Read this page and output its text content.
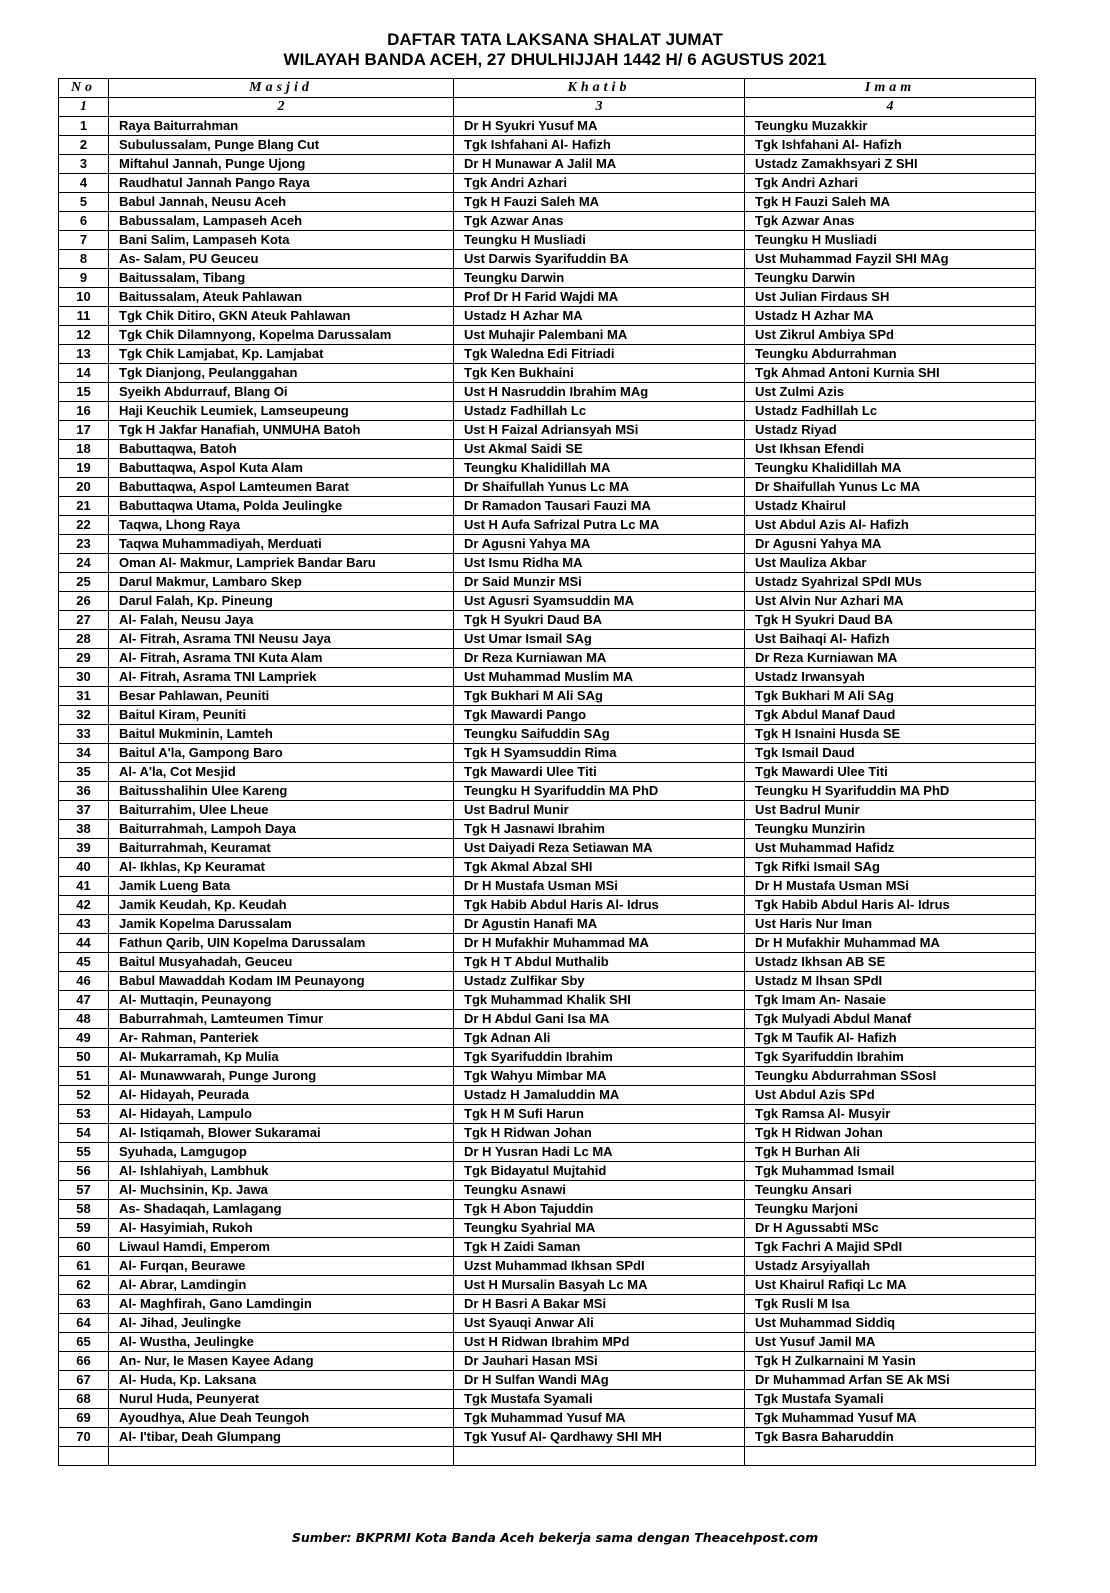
DAFTAR TATA LAKSANA SHALAT JUMAT
WILAYAH BANDA ACEH, 27 DHULHIJJAH 1442 H/ 6 AGUSTUS 2021
No	Masjid	Khatib	Imam
1	2	3	4
1	Raya Baiturrahman	Dr H Syukri Yusuf MA	Teungku Muzakkir
2	Subulussalam, Punge Blang Cut	Tgk Ishfahani Al- Hafizh	Tgk Ishfahani Al- Hafizh
3	Miftahul Jannah, Punge Ujong	Dr H Munawar A Jalil MA	Ustadz Zamakhsyari Z SHI
4	Raudhatul Jannah Pango Raya	Tgk Andri Azhari	Tgk Andri Azhari
5	Babul Jannah, Neusu Aceh	Tgk H Fauzi Saleh MA	Tgk H Fauzi Saleh MA
6	Babussalam, Lampaseh Aceh	Tgk Azwar Anas	Tgk Azwar Anas
7	Bani Salim, Lampaseh Kota	Teungku H Musliadi	Teungku H Musliadi
8	As- Salam, PU Geuceu	Ust Darwis Syarifuddin BA	Ust Muhammad Fayzil SHI MAg
9	Baitussalam, Tibang	Teungku Darwin	Teungku Darwin
10	Baitussalam, Ateuk Pahlawan	Prof Dr H Farid Wajdi MA	Ust Julian Firdaus SH
11	Tgk Chik Ditiro, GKN Ateuk Pahlawan	Ustadz H Azhar MA	Ustadz H Azhar MA
12	Tgk Chik Dilamnyong, Kopelma Darussalam	Ust Muhajir Palembani MA	Ust Zikrul Ambiya SPd
13	Tgk Chik Lamjabat, Kp. Lamjabat	Tgk Waledna Edi Fitriadi	Teungku Abdurrahman
14	Tgk Dianjong, Peulanggahan	Tgk Ken Bukhaini	Tgk Ahmad Antoni Kurnia SHI
15	Syeikh Abdurrauf, Blang Oi	Ust H Nasruddin Ibrahim MAg	Ust Zulmi Azis
16	Haji Keuchik Leumiek, Lamseupeung	Ustadz Fadhillah Lc	Ustadz Fadhillah Lc
17	Tgk H Jakfar Hanafiah, UNMUHA Batoh	Ust H Faizal Adriansyah MSi	Ustadz Riyad
18	Babuttaqwa, Batoh	Ust Akmal Saidi SE	Ust Ikhsan Efendi
19	Babuttaqwa, Aspol Kuta Alam	Teungku Khalidillah MA	Teungku Khalidillah MA
20	Babuttaqwa, Aspol Lamteumen Barat	Dr Shaifullah Yunus Lc MA	Dr Shaifullah Yunus Lc MA
21	Babuttaqwa Utama, Polda Jeulingke	Dr Ramadon Tausari Fauzi MA	Ustadz Khairul
22	Taqwa, Lhong Raya	Ust H Aufa Safrizal Putra Lc MA	Ust Abdul Azis Al- Hafizh
23	Taqwa Muhammadiyah, Merduati	Dr Agusni Yahya MA	Dr Agusni Yahya MA
24	Oman Al- Makmur, Lampriek Bandar Baru	Ust Ismu Ridha MA	Ust Mauliza Akbar
25	Darul Makmur, Lambaro Skep	Dr Said Munzir MSi	Ustadz Syahrizal SPdI MUs
26	Darul Falah, Kp. Pineung	Ust Agusri Syamsuddin MA	Ust Alvin Nur Azhari MA
27	Al- Falah, Neusu Jaya	Tgk H Syukri Daud BA	Tgk H Syukri Daud BA
28	Al- Fitrah, Asrama TNI Neusu Jaya	Ust Umar Ismail SAg	Ust Baihaqi Al- Hafizh
29	Al- Fitrah, Asrama TNI Kuta Alam	Dr Reza Kurniawan MA	Dr Reza Kurniawan MA
30	Al- Fitrah, Asrama TNI Lampriek	Ust Muhammad Muslim MA	Ustadz Irwansyah
31	Besar Pahlawan, Peuniti	Tgk Bukhari M Ali SAg	Tgk Bukhari M Ali SAg
32	Baitul Kiram, Peuniti	Tgk Mawardi Pango	Tgk Abdul Manaf Daud
33	Baitul Mukminin, Lamteh	Teungku Saifuddin SAg	Tgk H Isnaini Husda SE
34	Baitul A'la, Gampong Baro	Tgk H Syamsuddin Rima	Tgk Ismail Daud
35	Al- A'la, Cot Mesjid	Tgk Mawardi Ulee Titi	Tgk Mawardi Ulee Titi
36	Baitusshalihin Ulee Kareng	Teungku H Syarifuddin MA PhD	Teungku H Syarifuddin MA PhD
37	Baiturrahim, Ulee Lheue	Ust Badrul Munir	Ust Badrul Munir
38	Baiturrahmah, Lampoh Daya	Tgk H Jasnawi Ibrahim	Teungku Munzirin
39	Baiturrahmah, Keuramat	Ust Daiyadi Reza Setiawan MA	Ust Muhammad Hafidz
40	Al- Ikhlas, Kp Keuramat	Tgk Akmal Abzal SHI	Tgk Rifki Ismail SAg
41	Jamik Lueng Bata	Dr H Mustafa Usman MSi	Dr H Mustafa Usman MSi
42	Jamik Keudah, Kp. Keudah	Tgk Habib Abdul Haris Al- Idrus	Tgk Habib Abdul Haris Al- Idrus
43	Jamik Kopelma Darussalam	Dr Agustin Hanafi MA	Ust Haris Nur Iman
44	Fathun Qarib, UIN Kopelma Darussalam	Dr H Mufakhir Muhammad MA	Dr H Mufakhir Muhammad MA
45	Baitul Musyahadah, Geuceu	Tgk H T Abdul Muthalib	Ustadz Ikhsan AB SE
46	Babul Mawaddah Kodam IM Peunayong	Ustadz Zulfikar Sby	Ustadz M Ihsan SPdI
47	Al- Muttaqin, Peunayong	Tgk Muhammad Khalik SHI	Tgk Imam An- Nasaie
48	Baburrahmah, Lamteumen Timur	Dr H Abdul Gani Isa MA	Tgk Mulyadi Abdul Manaf
49	Ar- Rahman, Panteriek	Tgk Adnan Ali	Tgk M Taufik Al- Hafizh
50	Al- Mukarramah, Kp Mulia	Tgk Syarifuddin Ibrahim	Tgk Syarifuddin Ibrahim
51	Al- Munawwarah, Punge Jurong	Tgk Wahyu Mimbar MA	Teungku Abdurrahman SSosI
52	Al- Hidayah, Peurada	Ustadz H Jamaluddin MA	Ust Abdul Azis SPd
53	Al- Hidayah, Lampulo	Tgk H M Sufi Harun	Tgk Ramsa Al- Musyir
54	Al- Istiqamah, Blower Sukaramai	Tgk H Ridwan Johan	Tgk H Ridwan Johan
55	Syuhada, Lamgugop	Dr H Yusran Hadi Lc MA	Tgk H Burhan Ali
56	Al- Ishlahiyah, Lambhuk	Tgk Bidayatul Mujtahid	Tgk Muhammad Ismail
57	Al- Muchsinin, Kp. Jawa	Teungku Asnawi	Teungku Ansari
58	As- Shadaqah, Lamlagang	Tgk H Abon Tajuddin	Teungku Marjoni
59	Al- Hasyimiah, Rukoh	Teungku Syahrial MA	Dr H Agussabti MSc
60	Liwaul Hamdi, Emperom	Tgk H Zaidi Saman	Tgk Fachri A Majid SPdI
61	Al- Furqan, Beurawe	Uzst Muhammad Ikhsan SPdI	Ustadz Arsyiyallah
62	Al- Abrar, Lamdingin	Ust H Mursalin Basyah Lc MA	Ust Khairul Rafiqi Lc MA
63	Al- Maghfirah, Gano Lamdingin	Dr H Basri A Bakar MSi	Tgk Rusli M Isa
64	Al- Jihad, Jeulingke	Ust Syauqi Anwar Ali	Ust Muhammad Siddiq
65	Al- Wustha, Jeulingke	Ust H Ridwan Ibrahim MPd	Ust Yusuf Jamil MA
66	An- Nur, Ie Masen Kayee Adang	Dr Jauhari Hasan MSi	Tgk H Zulkarnaini M Yasin
67	Al- Huda, Kp. Laksana	Dr H Sulfan Wandi MAg	Dr Muhammad Arfan SE Ak MSi
68	Nurul Huda, Peunyerat	Tgk Mustafa Syamali	Tgk Mustafa Syamali
69	Ayoudhya, Alue Deah Teungoh	Tgk Muhammad Yusuf MA	Tgk Muhammad Yusuf MA
70	Al- I'tibar, Deah Glumpang	Tgk Yusuf Al- Qardhawy SHI MH	Tgk Basra Baharuddin

Sumber: BKPRMI Kota Banda Aceh bekerja sama dengan Theacehpost.com
